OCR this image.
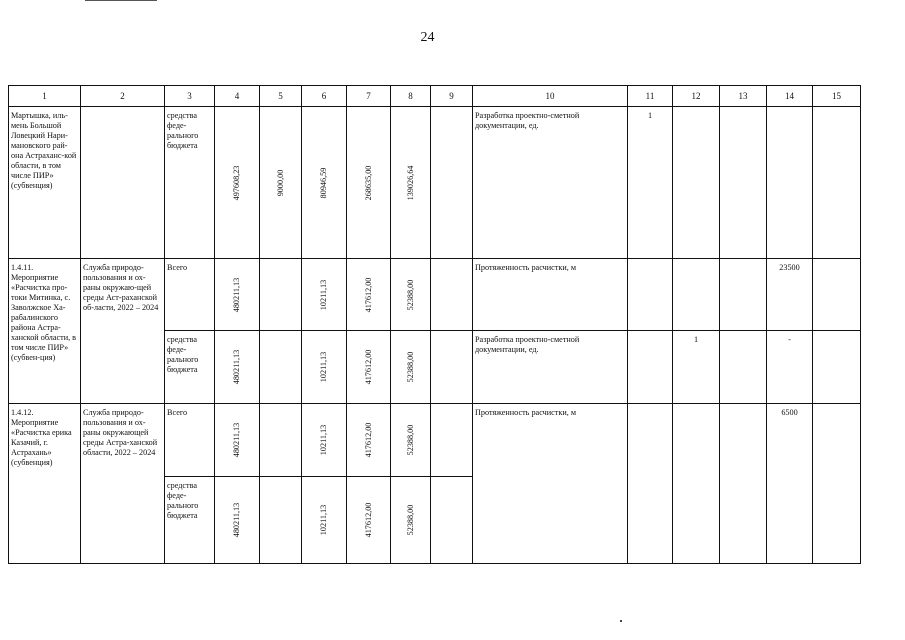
24
1	2	3	4	5	6	7	8	9	10	11	12	13	14	15

Мартышка, иль-мень Большой Ловецкий Нари-мановского рай-она Астраханс-кой области, в том числе ПИР» (субвенция)		средства феде-рального бюджета	497608,23	9000,00	80946,59	268635,00	139026,64		Разработка проектно-сметной документации, ед.	1				

1.4.11. Мероприятие «Расчистка про-токи Митинка, с. Заволжское Ха-рабалинского района Астра-ханской области, в том числе ПИР» (субвен-ция)	Служба природо-пользования и ох-раны окружаю-щей среды Аст-раханской об-ласти, 2022 – 2024	Всего	480211,13		10211,13	417612,00	52388,00		Протяженность расчистки, м				23500	

		средства феде-рального бюджета	480211,13		10211,13	417612,00	52388,00		Разработка проектно-сметной документации, ед.		1		-	

1.4.12. Мероприятие «Расчистка ерика Казачий, г. Астрахань» (субвенция)	Служба природо-пользования и ох-раны окружающей среды Астра-ханской области, 2022 – 2024	Всего	480211,13		10211,13	417612,00	52388,00		Протяженность расчистки, м				6500	

		средства феде-рального бюджета	480211,13		10211,13	417612,00	52388,00							
